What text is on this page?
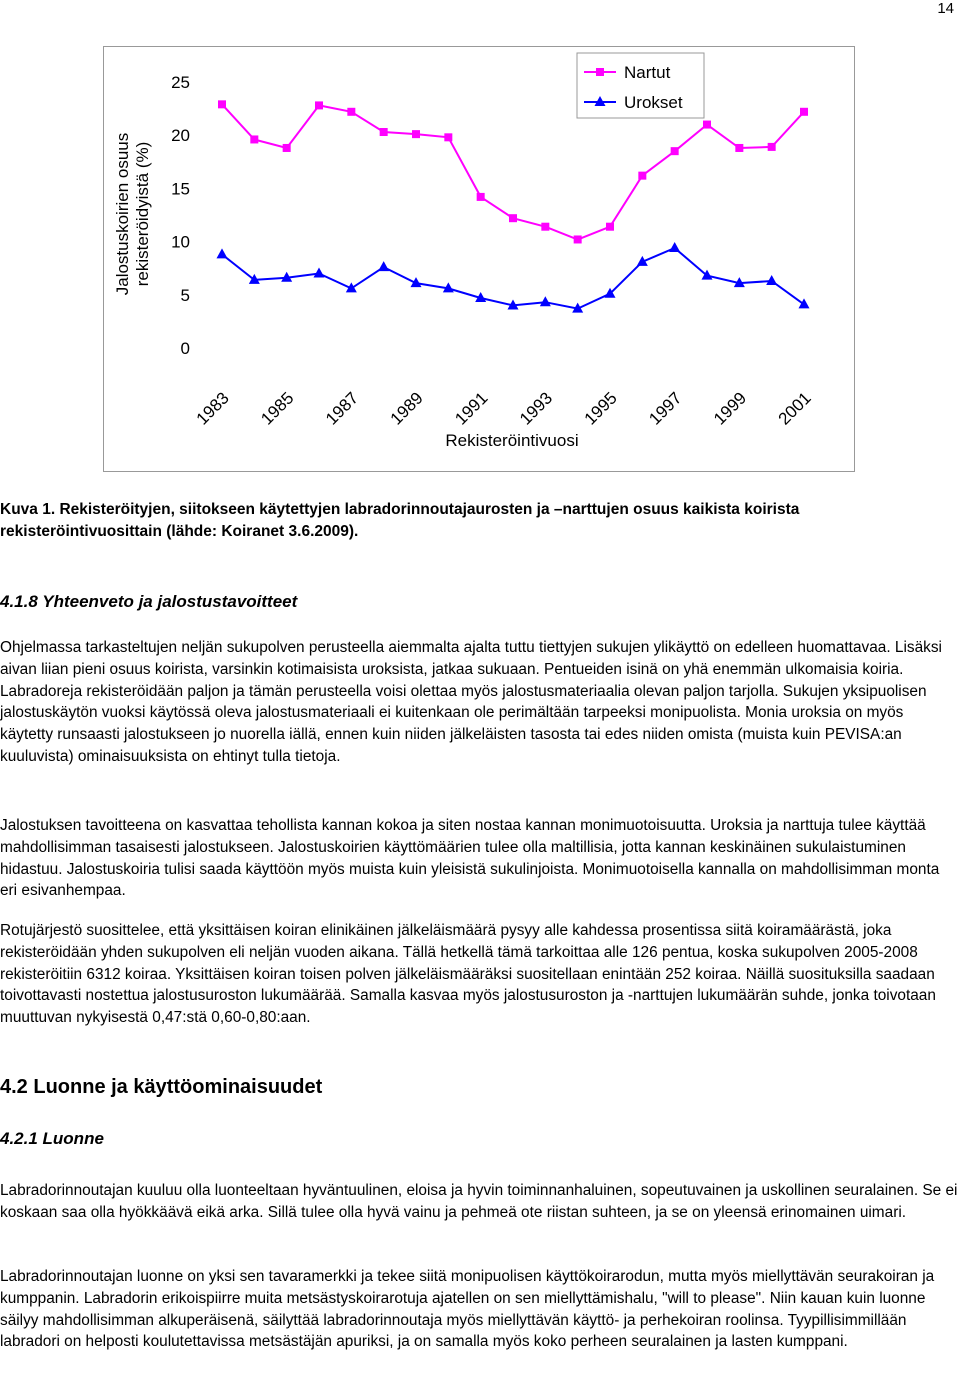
14
0
5
10
15
20
25
Jalostuskoirien osuus rekisteröidyistä (%)
1983 1985 1987 1989 1991 1993 1995 1997 1999 2001
Rekisteröintivuosi
Nartut
Urokset
Kuva 1. Rekisteröityjen, siitokseen käytettyjen labradorinnoutajaurosten ja –narttujen osuus kaikista koirista rekisteröintivuosittain (lähde: Koiranet 3.6.2009).
4.1.8 Yhteenveto ja jalostustavoitteet
Ohjelmassa tarkasteltujen neljän sukupolven perusteella aiemmalta ajalta tuttu tiettyjen sukujen ylikäyttö on edelleen huomattavaa. Lisäksi aivan liian pieni osuus koirista, varsinkin kotimaisista uroksista, jatkaa sukuaan. Pentueiden isinä on yhä enemmän ulkomaisia koiria. Labradoreja rekisteröidään paljon ja tämän perusteella voisi olettaa myös jalostusmateriaalia olevan paljon tarjolla. Sukujen yksipuolisen jalostuskäytön vuoksi käytössä oleva jalostusmateriaali ei kuitenkaan ole perimältään tarpeeksi monipuolista. Monia uroksia on myös käytetty runsaasti jalostukseen jo nuorella iällä, ennen kuin niiden jälkeläisten tasosta tai edes niiden omista (muista kuin PEVISA:an kuuluvista) ominaisuuksista on ehtinyt tulla tietoja.
Jalostuksen tavoitteena on kasvattaa tehollista kannan kokoa ja siten nostaa kannan monimuotoisuutta. Uroksia ja narttuja tulee käyttää mahdollisimman tasaisesti jalostukseen. Jalostuskoirien käyttömäärien tulee olla maltillisia, jotta kannan keskinäinen sukulaistuminen hidastuu. Jalostuskoiria tulisi saada käyttöön myös muista kuin yleisistä sukulinjoista. Monimuotoisella kannalla on mahdollisimman monta eri esivanhempaa.
Rotujärjestö suosittelee, että yksittäisen koiran elinikäinen jälkeläismäärä pysyy alle kahdessa prosentissa siitä koiramäärästä, joka rekisteröidään yhden sukupolven eli neljän vuoden aikana. Tällä hetkellä tämä tarkoittaa alle 126 pentua, koska sukupolven 2005-2008 rekisteröitiin 6312 koiraa. Yksittäisen koiran toisen polven jälkeläismääräksi suositellaan enintään 252 koiraa. Näillä suosituksilla saadaan toivottavasti nostettua jalostusuroston lukumäärää. Samalla kasvaa myös jalostusuroston ja -narttujen lukumäärän suhde, jonka toivotaan muuttuvan nykyisestä 0,47:stä 0,60-0,80:aan.
4.2 Luonne ja käyttöominaisuudet
4.2.1 Luonne
Labradorinnoutajan kuuluu olla luonteeltaan hyväntuulinen, eloisa ja hyvin toiminnanhaluinen, sopeutuvainen ja uskollinen seuralainen. Se ei koskaan saa olla hyökkäävä eikä arka. Sillä tulee olla hyvä vainu ja pehmeä ote riistan suhteen, ja se on yleensä erinomainen uimari.
Labradorinnoutajan luonne on yksi sen tavaramerkki ja tekee siitä monipuolisen käyttökoirarodun, mutta myös miellyttävän seurakoiran ja kumppanin. Labradorin erikoispiirre muita metsästyskoirarotuja ajatellen on sen miellyttämishalu, "will to please". Niin kauan kuin luonne säilyy mahdollisimman alkuperäisenä, säilyttää labradorinnoutaja myös miellyttävän käyttö- ja perhekoiran roolinsa. Tyypillisimmillään labradori on helposti koulutettavissa metsästäjän apuriksi, ja on samalla myös koko perheen seuralainen ja lasten kumppani.
